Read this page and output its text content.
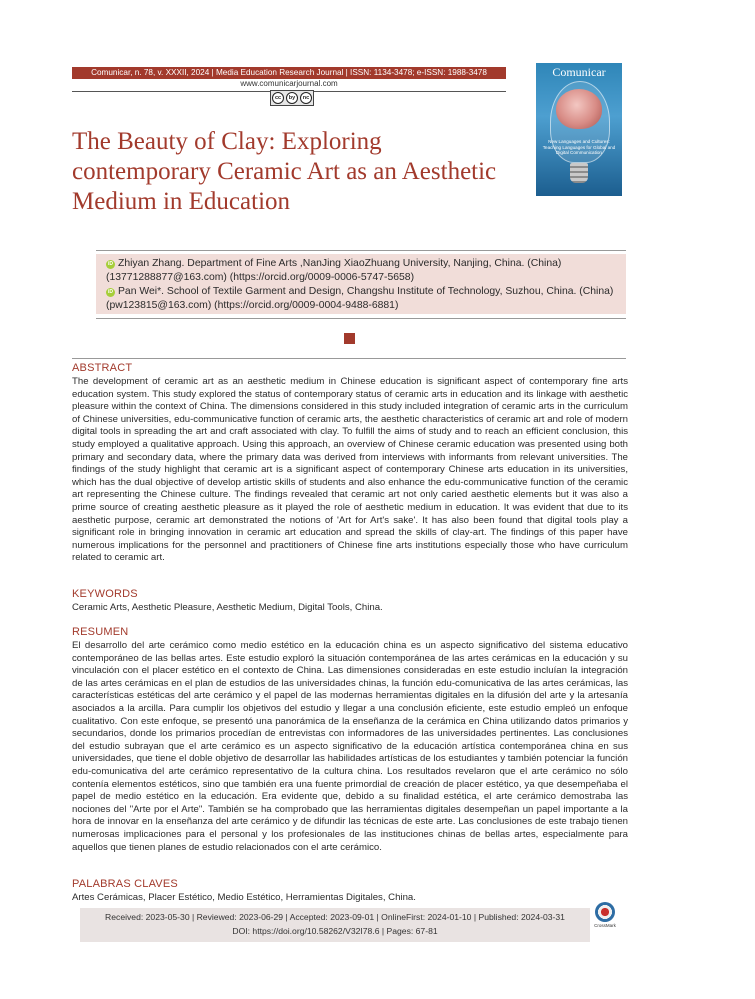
Comunicar, n. 78, v. XXXII, 2024 | Media Education Research Journal | ISSN: 1134-3478; e-ISSN: 1988-3478
www.comunicarjournal.com
cc	by	nc
Comunicar
New Languages and Cultures: Teaching Languages for Global and Digital Communication
The Beauty of Clay: Exploring contemporary Ceramic Art as an Aesthetic Medium in Education
iD Zhiyan Zhang. Department of Fine Arts ,NanJing XiaoZhuang University, Nanjing, China. (China) (13771288877@163.com) (https://orcid.org/0009-0006-5747-5658)
iD Pan Wei*. School of Textile Garment and Design, Changshu Institute of Technology, Suzhou, China. (China) (pw123815@163.com) (https://orcid.org/0009-0004-9488-6881)
ABSTRACT

The development of ceramic art as an aesthetic medium in Chinese education is significant aspect of contemporary fine arts education system. This study explored the status of contemporary status of ceramic arts in education and its linkage with aesthetic pleasure within the context of China. The dimensions considered in this study included integration of ceramic arts in the curriculum of Chinese universities, edu-communicative function of ceramic arts, the aesthetic characteristics of ceramic art and role of modern digital tools in spreading the art and craft associated with clay. To fulfill the aims of study and to reach an efficient conclusion, this study employed a qualitative approach. Using this approach, an overview of Chinese ceramic education was presented using both primary and secondary data, where the primary data was derived from interviews with informants from relevant universities. The findings of the study highlight that ceramic art is a significant aspect of contemporary Chinese arts education in its universities, which has the dual objective of develop artistic skills of students and also enhance the edu-communicative function of the ceramic art representing the Chinese culture. The findings revealed that ceramic art not only caried aesthetic elements but it was also a prime source of creating aesthetic pleasure as it played the role of aesthetic medium in education. It was evident that due to its aesthetic purpose, ceramic art demonstrated the notions of 'Art for Art's sake'. It has also been found that digital tools play a significant role in bringing innovation in ceramic art education and spread the skills of clay-art. The findings of this paper have numerous implications for the personnel and practitioners of Chinese fine arts institutions especially those who have curriculum related to ceramic art.

KEYWORDS

Ceramic Arts, Aesthetic Pleasure, Aesthetic Medium, Digital Tools, China.

RESUMEN

El desarrollo del arte cerámico como medio estético en la educación china es un aspecto significativo del sistema educativo contemporáneo de las bellas artes. Este estudio exploró la situación contemporánea de las artes cerámicas en la educación y su vinculación con el placer estético en el contexto de China. Las dimensiones consideradas en este estudio incluían la integración de las artes cerámicas en el plan de estudios de las universidades chinas, la función edu-comunicativa de las artes cerámicas, las características estéticas del arte cerámico y el papel de las modernas herramientas digitales en la difusión del arte y la artesanía asociados a la arcilla. Para cumplir los objetivos del estudio y llegar a una conclusión eficiente, este estudio empleó un enfoque cualitativo. Con este enfoque, se presentó una panorámica de la enseñanza de la cerámica en China utilizando datos primarios y secundarios, donde los primarios procedían de entrevistas con informadores de las universidades pertinentes. Las conclusiones del estudio subrayan que el arte cerámico es un aspecto significativo de la educación artística contemporánea china en sus universidades, que tiene el doble objetivo de desarrollar las habilidades artísticas de los estudiantes y también potenciar la función edu-comunicativa del arte cerámico representativo de la cultura china. Los resultados revelaron que el arte cerámico no sólo contenía elementos estéticos, sino que también era una fuente primordial de creación de placer estético, ya que desempeñaba el papel de medio estético en la educación. Era evidente que, debido a su finalidad estética, el arte cerámico demostraba las nociones del "Arte por el Arte". También se ha comprobado que las herramientas digitales desempeñan un papel importante a la hora de innovar en la enseñanza del arte cerámico y de difundir las técnicas de este arte. Las conclusiones de este trabajo tienen numerosas implicaciones para el personal y los profesionales de las instituciones chinas de bellas artes, especialmente para aquellos que tienen planes de estudio relacionados con el arte cerámico.

PALABRAS CLAVES

Artes Cerámicas, Placer Estético, Medio Estético, Herramientas Digitales, China.

Received: 2023-05-30 | Reviewed: 2023-06-29 | Accepted: 2023-09-01 | OnlineFirst: 2024-01-10 | Published: 2024-03-31
DOI: https://doi.org/10.58262/V32I78.6 | Pages: 67-81
CrossMark
